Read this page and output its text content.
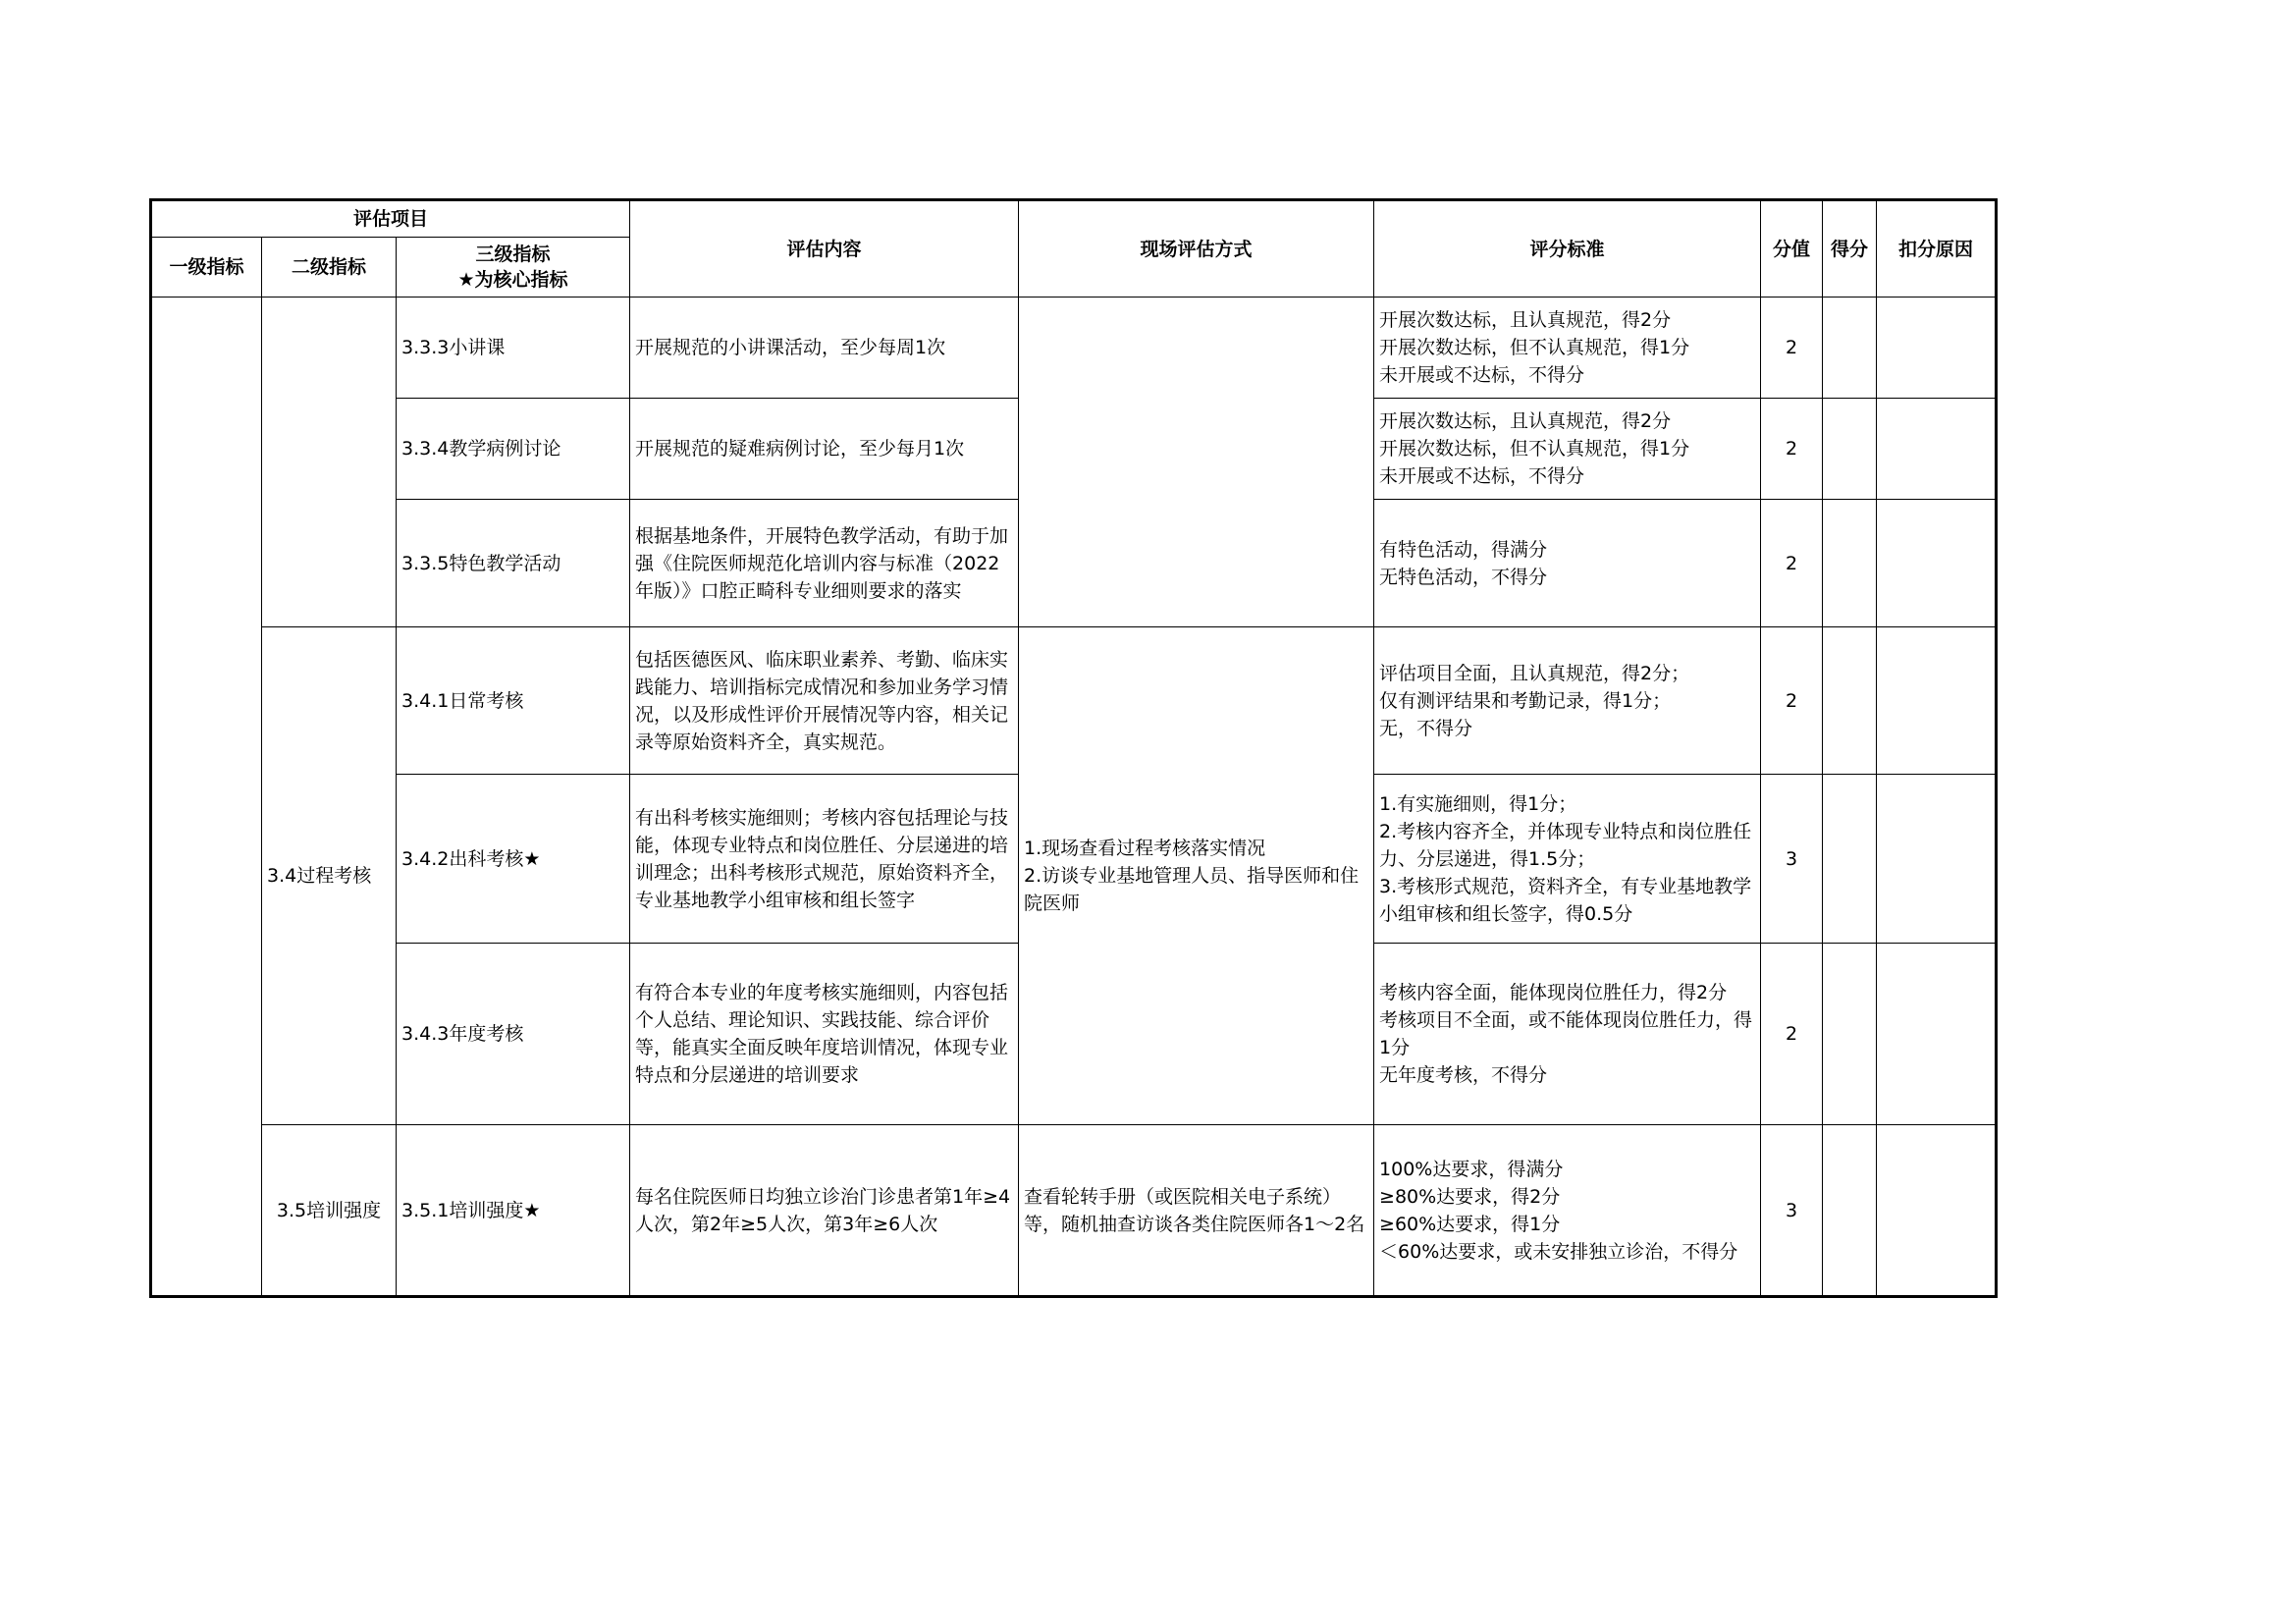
评估项目			评估内容	现场评估方式	评分标准	分值	得分	扣分原因
一级指标	二级指标	三级指标
★为核心指标						
		3.3.3小讲课	开展规范的小讲课活动，至少每周1次		开展次数达标，且认真规范，得2分
开展次数达标，但不认真规范，得1分
未开展或不达标，不得分	2		
		3.3.4教学病例讨论	开展规范的疑难病例讨论，至少每月1次		开展次数达标，且认真规范，得2分
开展次数达标，但不认真规范，得1分
未开展或不达标，不得分	2		
		3.3.5特色教学活动	根据基地条件，开展特色教学活动，有助于加强《住院医师规范化培训内容与标准（2022年版）》口腔正畸科专业细则要求的落实		有特色活动，得满分
无特色活动，不得分	2		
	3.4过程考核	3.4.1日常考核	包括医德医风、临床职业素养、考勤、临床实践能力、培训指标完成情况和参加业务学习情况，以及形成性评价开展情况等内容，相关记录等原始资料齐全，真实规范。	1.现场查看过程考核落实情况
2.访谈专业基地管理人员、指导医师和住院医师	评估项目全面，且认真规范，得2分；
仅有测评结果和考勤记录，得1分；
无，不得分	2		
		3.4.2出科考核★	有出科考核实施细则；考核内容包括理论与技能，体现专业特点和岗位胜任、分层递进的培训理念；出科考核形式规范，原始资料齐全，专业基地教学小组审核和组长签字		1.有实施细则，得1分；
2.考核内容齐全，并体现专业特点和岗位胜任力、分层递进，得1.5分；
3.考核形式规范，资料齐全，有专业基地教学小组审核和组长签字，得0.5分	3		
		3.4.3年度考核	有符合本专业的年度考核实施细则，内容包括个人总结、理论知识、实践技能、综合评价等，能真实全面反映年度培训情况，体现专业特点和分层递进的培训要求		考核内容全面，能体现岗位胜任力，得2分
考核项目不全面，或不能体现岗位胜任力，得1分
无年度考核，不得分	2		
	3.5培训强度	3.5.1培训强度★	每名住院医师日均独立诊治门诊患者第1年≥4人次，第2年≥5人次，第3年≥6人次	查看轮转手册（或医院相关电子系统）等，随机抽查访谈各类住院医师各1～2名	100%达要求，得满分
≥80%达要求，得2分
≥60%达要求，得1分
＜60%达要求，或未安排独立诊治，不得分	3		
